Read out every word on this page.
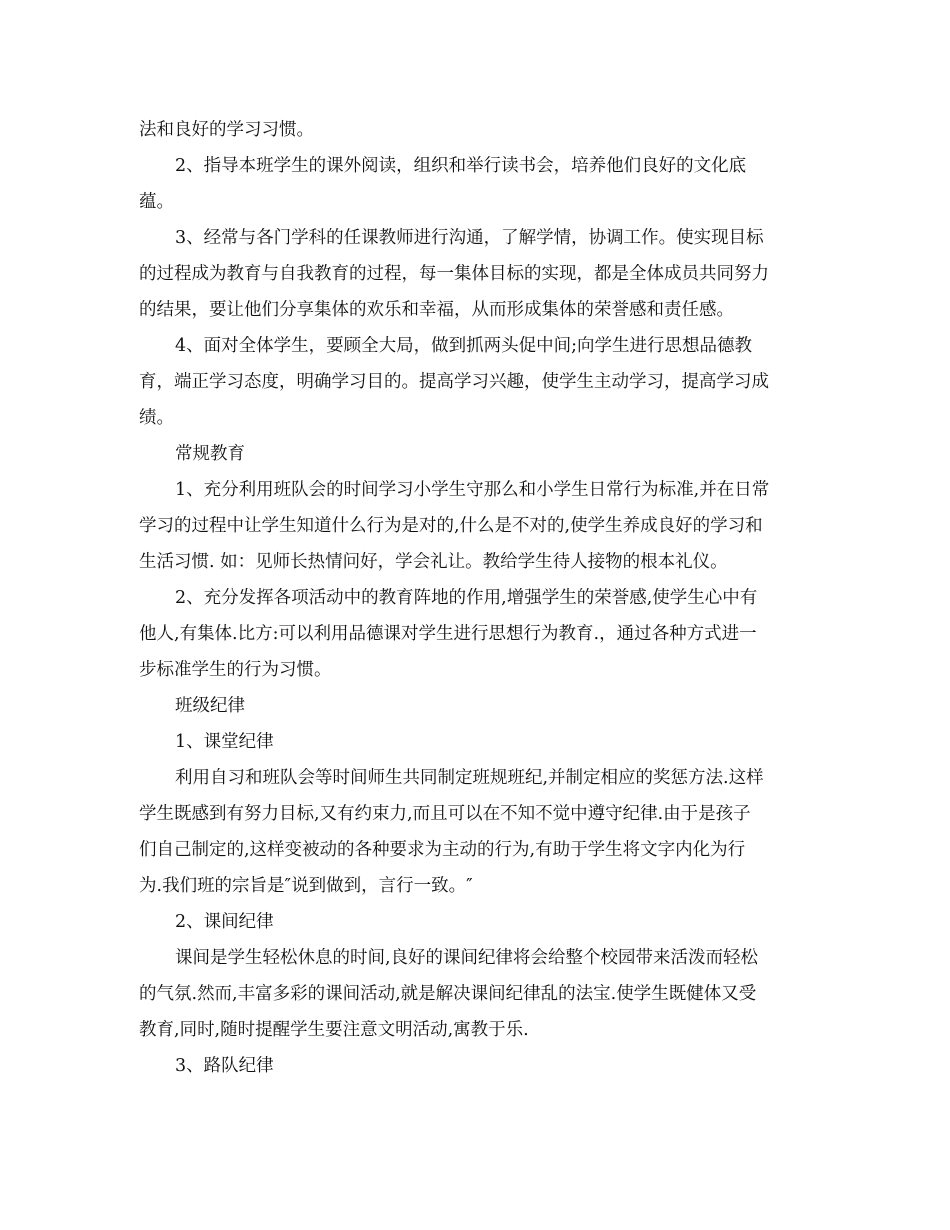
法和良好的学习习惯。
2、指导本班学生的课外阅读，组织和举行读书会，培养他们良好的文化底
蕴。
3、经常与各门学科的任课教师进行沟通，了解学情，协调工作。使实现目标
的过程成为教育与自我教育的过程，每一集体目标的实现，都是全体成员共同努力
的结果，要让他们分享集体的欢乐和幸福，从而形成集体的荣誉感和责任感。
4、面对全体学生，要顾全大局，做到抓两头促中间;向学生进行思想品德教
育，端正学习态度，明确学习目的。提高学习兴趣，使学生主动学习，提高学习成
绩。
常规教育
1、充分利用班队会的时间学习小学生守那么和小学生日常行为标准,并在日常
学习的过程中让学生知道什么行为是对的,什么是不对的,使学生养成良好的学习和
生活习惯. 如：见师长热情问好，学会礼让。教给学生待人接物的根本礼仪。
2、充分发挥各项活动中的教育阵地的作用,增强学生的荣誉感,使学生心中有
他人,有集体.比方:可以利用品德课对学生进行思想行为教育.，通过各种方式进一
步标准学生的行为习惯。
班级纪律
1、课堂纪律
利用自习和班队会等时间师生共同制定班规班纪,并制定相应的奖惩方法.这样
学生既感到有努力目标,又有约束力,而且可以在不知不觉中遵守纪律.由于是孩子
们自己制定的,这样变被动的各种要求为主动的行为,有助于学生将文字内化为行
为.我们班的宗旨是″说到做到，言行一致。″
2、课间纪律
课间是学生轻松休息的时间,良好的课间纪律将会给整个校园带来活泼而轻松
的气氛.然而,丰富多彩的课间活动,就是解决课间纪律乱的法宝.使学生既健体又受
教育,同时,随时提醒学生要注意文明活动,寓教于乐.
3、路队纪律
